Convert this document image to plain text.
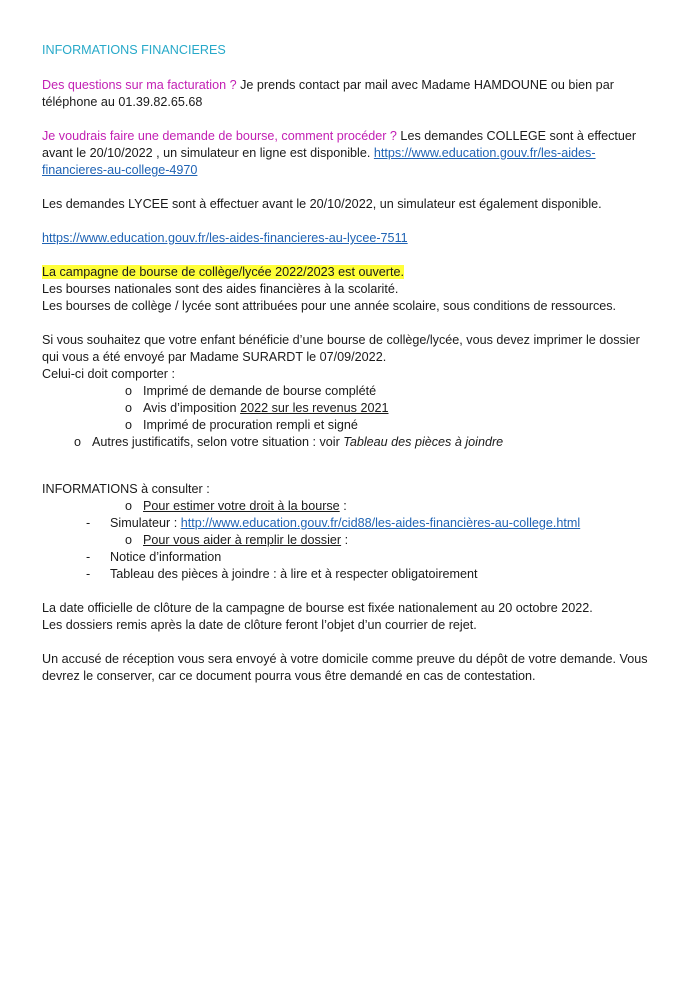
INFORMATIONS FINANCIERES
Des questions sur ma facturation ? Je prends contact par mail avec Madame HAMDOUNE ou bien par
téléphone au 01.39.82.65.68
Je voudrais faire une demande de bourse, comment procéder ? Les demandes COLLEGE sont à effectuer
avant le 20/10/2022 , un simulateur en ligne est disponible. https://www.education.gouv.fr/les-aides-
financieres-au-college-4970
Les demandes LYCEE sont à effectuer avant le 20/10/2022, un simulateur est également disponible.
https://www.education.gouv.fr/les-aides-financieres-au-lycee-7511
La campagne de bourse de collège/lycée 2022/2023 est ouverte.
Les bourses nationales sont des aides financières à la scolarité.
Les bourses de collège / lycée sont attribuées pour une année scolaire, sous conditions de ressources.
Si vous souhaitez que votre enfant bénéficie d’une bourse de collège/lycée, vous devez imprimer le dossier
qui vous a été envoyé par Madame SURARDT le 07/09/2022.
Celui-ci doit comporter :
o Imprimé de demande de bourse complété
o Avis d’imposition 2022 sur les revenus 2021
o Imprimé de procuration rempli et signé
o Autres justificatifs, selon votre situation : voir Tableau des pièces à joindre
INFORMATIONS à consulter :
o Pour estimer votre droit à la bourse :
- Simulateur : http://www.education.gouv.fr/cid88/les-aides-financières-au-college.html
o Pour vous aider à remplir le dossier :
- Notice d’information
- Tableau des pièces à joindre : à lire et à respecter obligatoirement
La date officielle de clôture de la campagne de bourse est fixée nationalement au 20 octobre 2022.
Les dossiers remis après la date de clôture feront l’objet d’un courrier de rejet.
Un accusé de réception vous sera envoyé à votre domicile comme preuve du dépôt de votre demande. Vous
devrez le conserver, car ce document pourra vous être demandé en cas de contestation.
